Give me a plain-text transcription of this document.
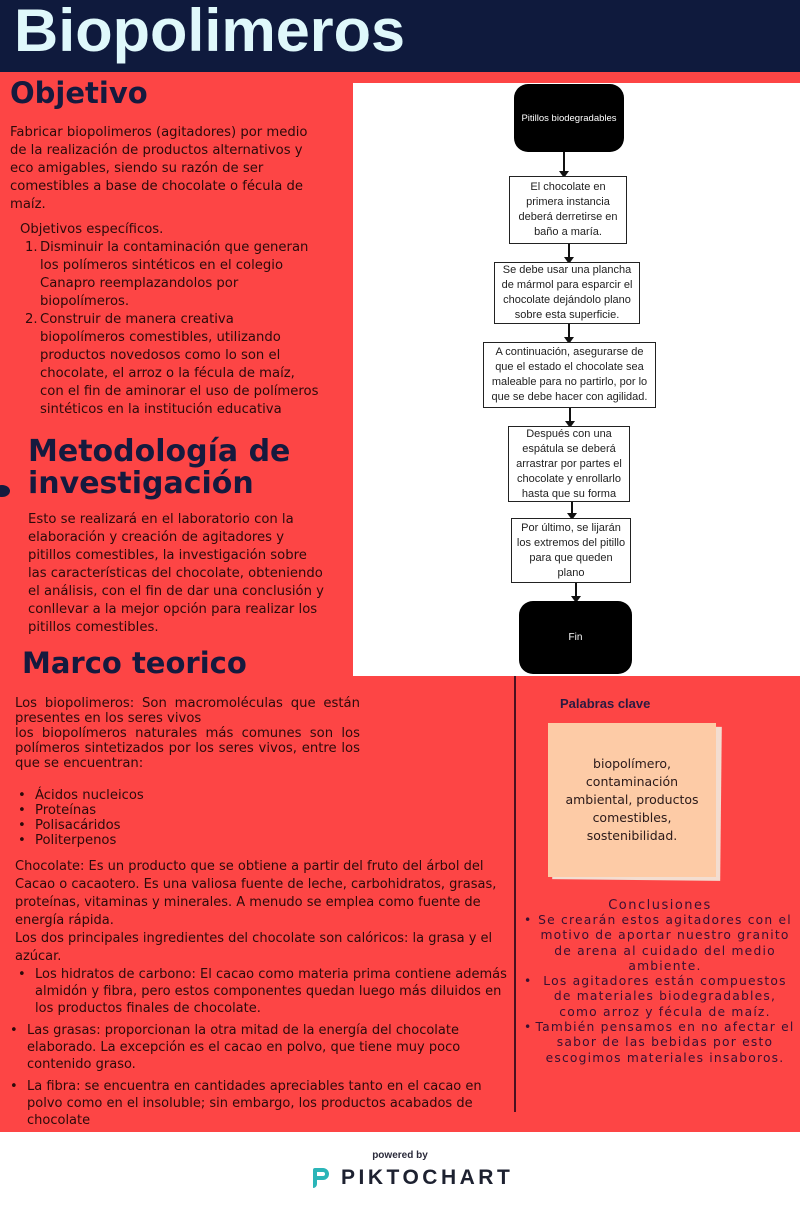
Biopolimeros
Objetivo
Fabricar biopolimeros (agitadores) por medio de la realización de productos alternativos y eco amigables, siendo su razón de ser comestibles a base de chocolate o fécula de maíz.
Objetivos específicos.
1. Disminuir la contaminación que generan los polímeros sintéticos en el colegio Canapro reemplazandolos por biopolímeros.
2. Construir de manera creativa biopolímeros comestibles, utilizando productos novedosos como lo son el chocolate, el arroz o la fécula de maíz, con el fin de aminorar el uso de polímeros sintéticos en la institución educativa
Metodología de investigación
Esto se realizará en el laboratorio con la elaboración y creación de agitadores y pitillos comestibles, la investigación sobre las características del chocolate, obteniendo el análisis, con el fin de dar una conclusión y conllevar a la mejor opción para realizar los pitillos comestibles.
Pitillos biodegradables
El chocolate en primera instancia deberá derretirse en baño a maría.
Se debe usar una plancha de mármol para esparcir el chocolate dejándolo plano sobre esta superficie.
A continuación, asegurarse de que el estado el chocolate sea maleable para no partirlo, por lo que se debe hacer con agilidad.
Después con una espátula se deberá arrastrar por partes el chocolate y enrollarlo hasta que su forma
Por último, se lijarán los extremos del pitillo para que queden plano
Fin
Marco teorico
Los biopolimeros: Son macromoléculas que están presentes en los seres vivos
los biopolímeros naturales más comunes son los polímeros sintetizados por los seres vivos, entre los que se encuentran:
• Ácidos nucleicos
• Proteínas
• Polisacáridos
• Politerpenos
Chocolate: Es un producto que se obtiene a partir del fruto del árbol del Cacao o cacaotero. Es una valiosa fuente de leche, carbohidratos, grasas, proteínas, vitaminas y minerales. A menudo se emplea como fuente de energía rápida.
Los dos principales ingredientes del chocolate son calóricos: la grasa y el azúcar.
• Los hidratos de carbono: El cacao como materia prima contiene además almidón y fibra, pero estos componentes quedan luego más diluidos en los productos finales de chocolate.
• Las grasas: proporcionan la otra mitad de la energía del chocolate elaborado. La excepción es el cacao en polvo, que tiene muy poco contenido graso.
• La fibra: se encuentra en cantidades apreciables tanto en el cacao en polvo como en el insoluble; sin embargo, los productos acabados de chocolate
Palabras clave
biopolímero, contaminación ambiental, productos comestibles, sostenibilidad.
Conclusiones
• Se crearán estos agitadores con el motivo de aportar nuestro granito de arena al cuidado del medio ambiente.
• Los agitadores están compuestos de materiales biodegradables, como arroz y fécula de maíz.
• También pensamos en no afectar el sabor de las bebidas por esto escogimos materiales insaboros.
powered by
PIKTOCHART
